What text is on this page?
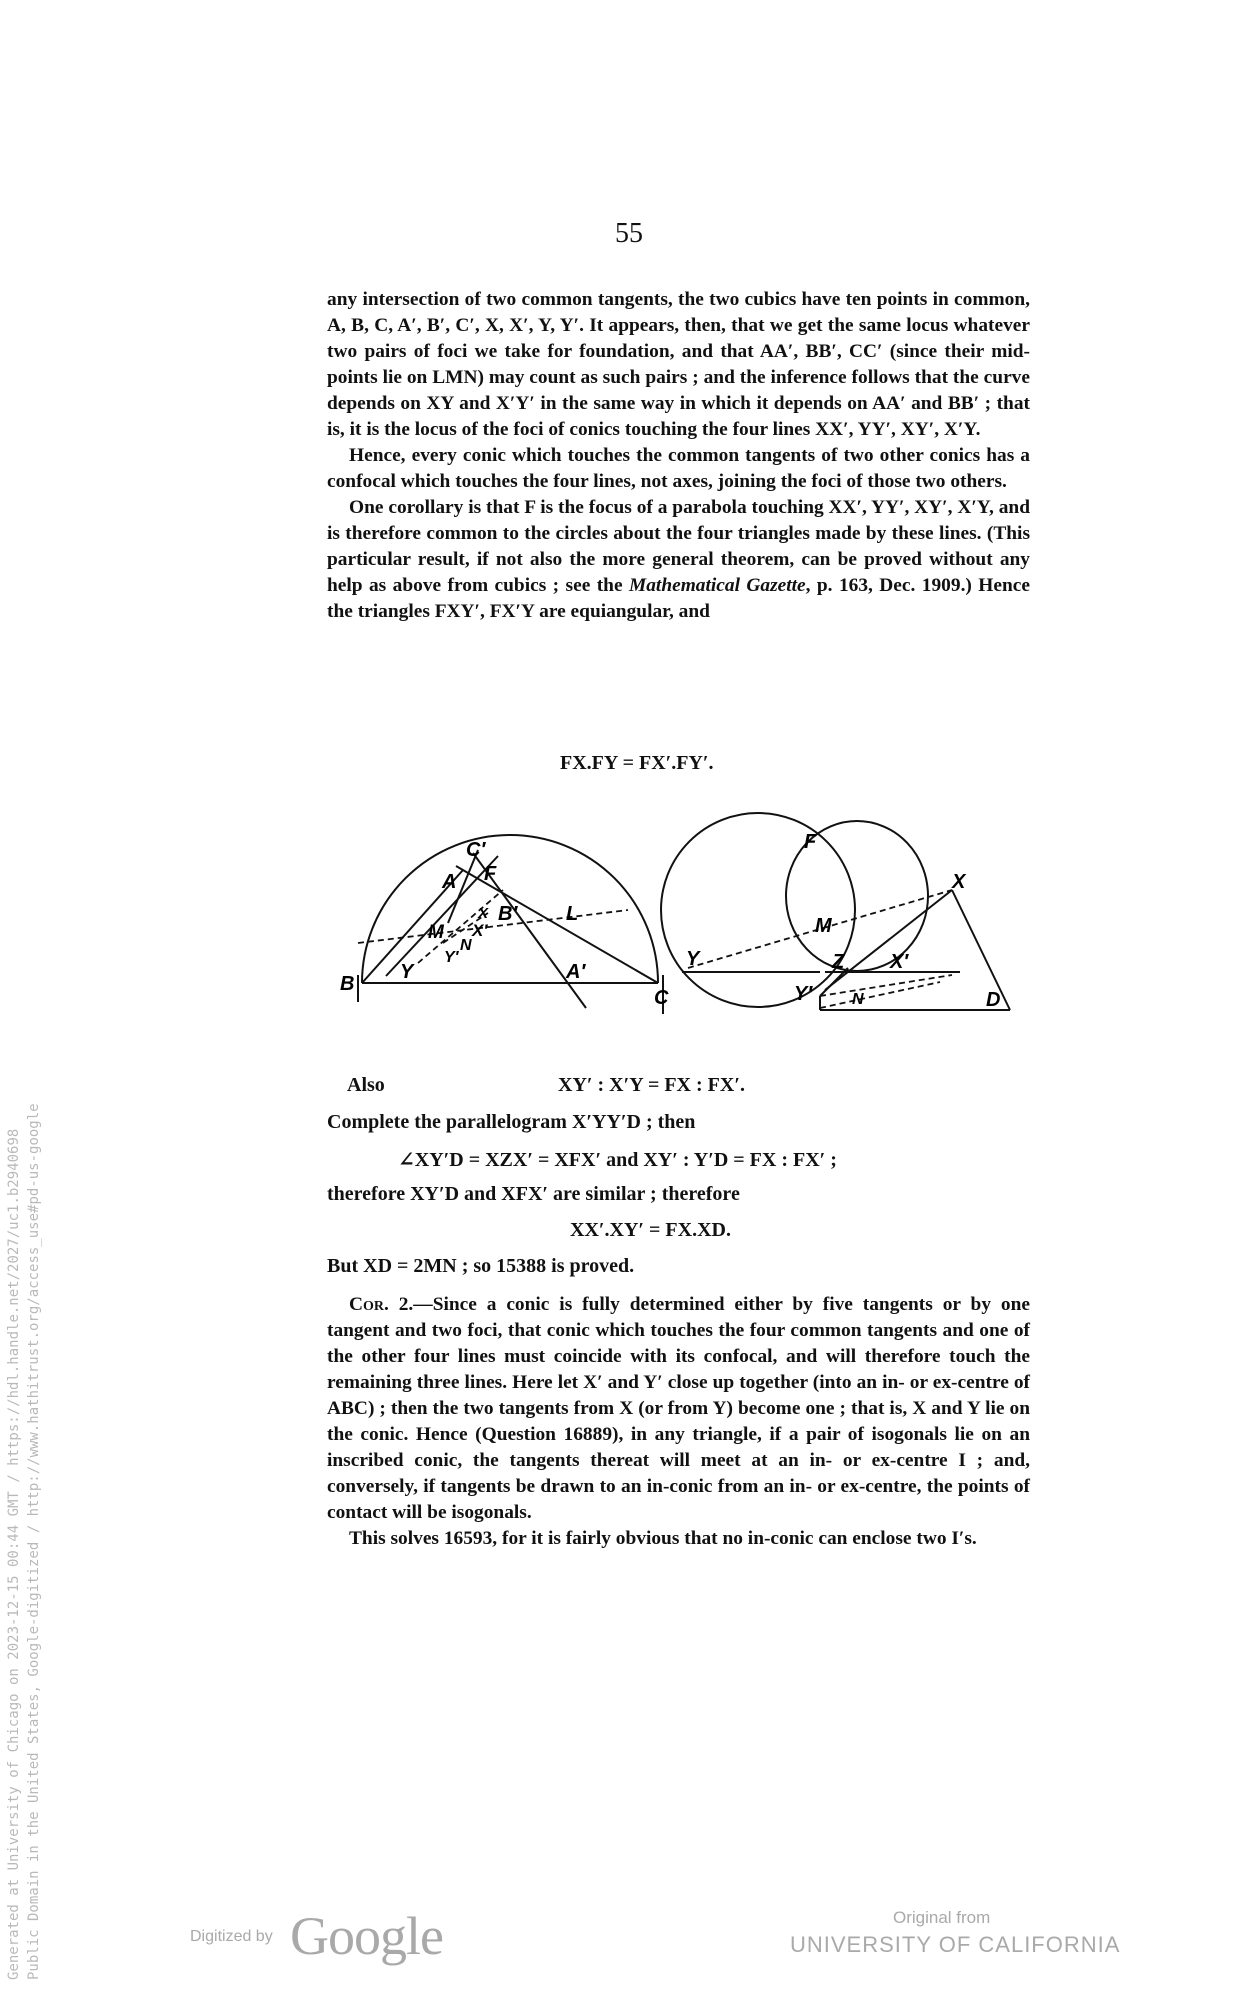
55

any intersection of two common tangents, the two cubics have ten points in common, A, B, C, A′, B′, C′, X, X′, Y, Y′. It appears, then, that we get the same locus whatever two pairs of foci we take for foundation, and that AA′, BB′, CC′ (since their mid-points lie on LMN) may count as such pairs ; and the inference follows that the curve depends on XY and X′Y′ in the same way in which it depends on AA′ and BB′ ; that is, it is the locus of the foci of conics touching the four lines XX′, YY′, XY′, X′Y.

Hence, every conic which touches the common tangents of two other conics has a confocal which touches the four lines, not axes, joining the foci of those two others.

One corollary is that F is the focus of a parabola touching XX′, YY′, XY′, X′Y, and is therefore common to the circles about the four triangles made by these lines. (This particular result, if not also the more general theorem, can be proved without any help as above from cubics ; see the Mathematical Gazette, p. 163, Dec. 1909.) Hence the triangles FXY′, FX′Y are equiangular, and

FX.FY = FX′.FY′.
C′
F
A
B′
X
X′
M
N
L
Y
Y′
B
A′
C
F
M
X
Y	Z X′
Y′ N	D
Also	XY′ : X′Y = FX : FX′.
Complete the parallelogram X′YY′D ; then
∠XY′D = XZX′ = XFX′ and XY′ : Y′D = FX : FX′ ;
therefore XY′D and XFX′ are similar ; therefore
XX′.XY′ = FX.XD.
But XD = 2MN ; so 15388 is proved.

Cor. 2.—Since a conic is fully determined either by five tangents or by one tangent and two foci, that conic which touches the four common tangents and one of the other four lines must coincide with its confocal, and will therefore touch the remaining three lines. Here let X′ and Y′ close up together (into an in- or ex-centre of ABC) ; then the two tangents from X (or from Y) become one ; that is, X and Y lie on the conic. Hence (Question 16889), in any triangle, if a pair of isogonals lie on an inscribed conic, the tangents thereat will meet at an in- or ex-centre I ; and, conversely, if tangents be drawn to an in-conic from an in- or ex-centre, the points of contact will be isogonals.

This solves 16593, for it is fairly obvious that no in-conic can enclose two I′s.

Generated at University of Chicago on 2023-12-15 00:44 GMT / https://hdl.handle.net/2027/uc1.b2940698 Public Domain in the United States, Google-digitized / http://www.hathitrust.org/access_use#pd-us-google	Digitized by Google	Original from
UNIVERSITY OF CALIFORNIA
